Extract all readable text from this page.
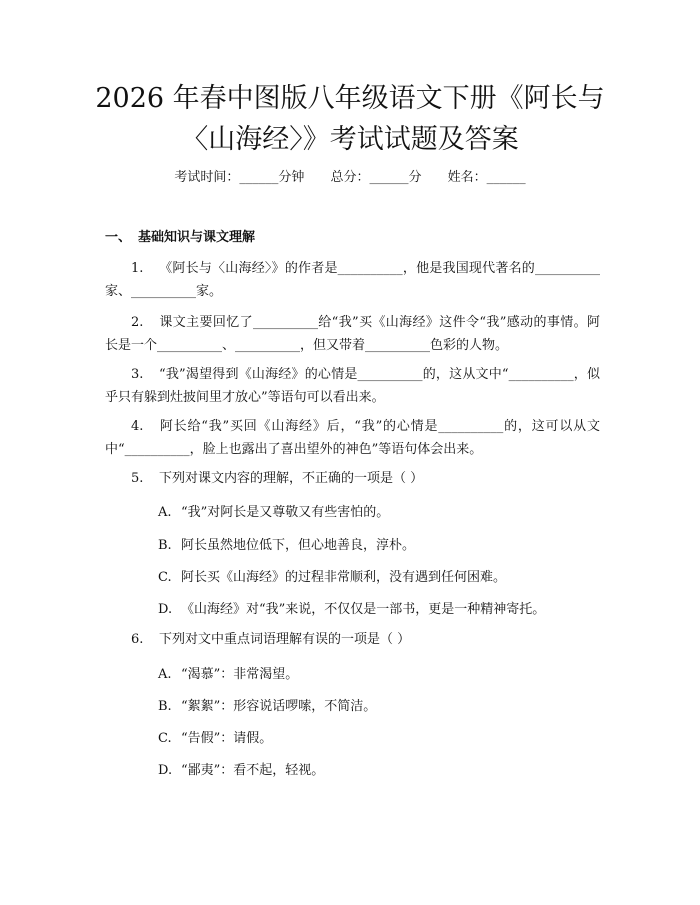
2026 年春中图版八年级语文下册《阿长与
〈山海经〉》考试试题及答案
考试时间：______分钟 总分：______分 姓名：______
一、 基础知识与课文理解

1. 《阿长与〈山海经〉》的作者是__________，他是我国现代著名的__________家、__________家。

2. 课文主要回忆了__________给“我”买《山海经》这件令“我”感动的事情。阿长是一个__________、__________，但又带着__________色彩的人物。

3. “我”渴望得到《山海经》的心情是__________的，这从文中“__________，似乎只有躲到灶披间里才放心”等语句可以看出来。

4. 阿长给“我”买回《山海经》后，“我”的心情是__________的，这可以从文中“__________，脸上也露出了喜出望外的神色”等语句体会出来。

5. 下列对课文内容的理解，不正确的一项是（ ）

A. “我”对阿长是又尊敬又有些害怕的。
B. 阿长虽然地位低下，但心地善良，淳朴。
C. 阿长买《山海经》的过程非常顺利，没有遇到任何困难。
D. 《山海经》对“我”来说，不仅仅是一部书，更是一种精神寄托。

6. 下列对文中重点词语理解有误的一项是（ ）

A. “渴慕”：非常渴望。
B. “絮絮”：形容说话啰嗦，不简洁。
C. “告假”：请假。
D. “鄙夷”：看不起，轻视。
